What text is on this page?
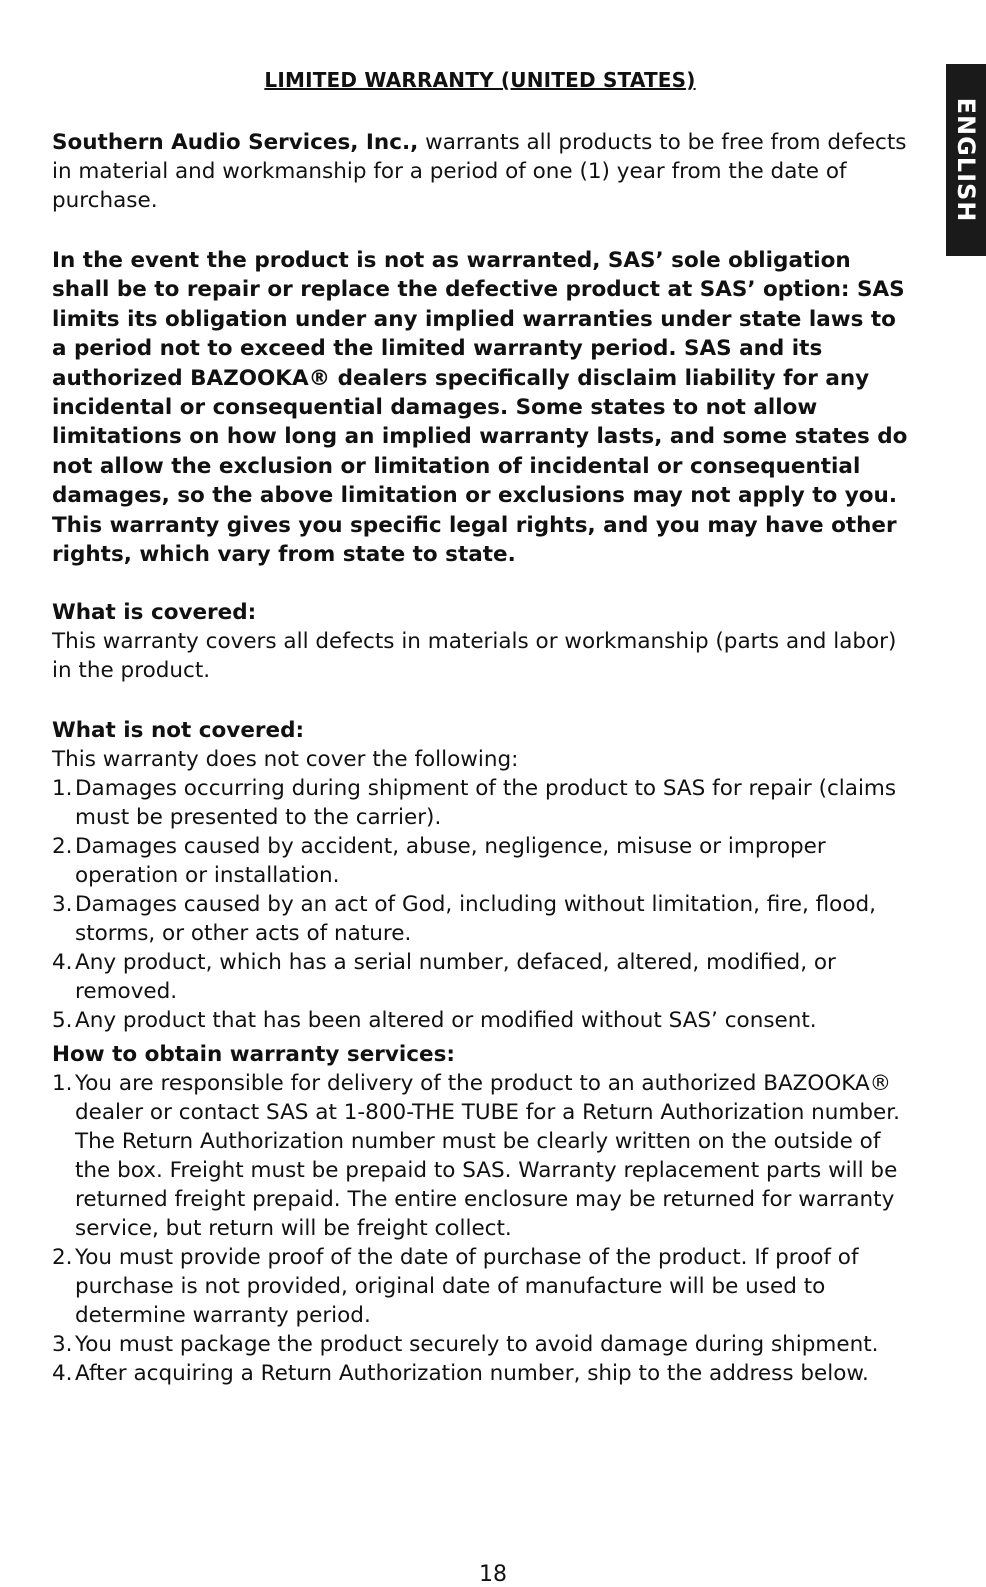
ENGLISH
LIMITED WARRANTY (UNITED STATES)
Southern Audio Services, Inc., warrants all products to be free from defects in material and workmanship for a period of one (1) year from the date of purchase.
In the event the product is not as warranted, SAS’ sole obligation shall be to repair or replace the defective product at SAS’ option: SAS limits its obligation under any implied warranties under state laws to a period not to exceed the limited warranty period. SAS and its authorized BAZOOKA® dealers specifically disclaim liability for any incidental or consequential damages. Some states to not allow limitations on how long an implied warranty lasts, and some states do not allow the exclusion or limitation of incidental or consequential damages, so the above limitation or exclusions may not apply to you. This warranty gives you specific legal rights, and you may have other rights, which vary from state to state.
What is covered:

This warranty covers all defects in materials or workmanship (parts and labor) in the product.

What is not covered:

This warranty does not cover the following:

1. Damages occurring during shipment of the product to SAS for repair (claims must be presented to the carrier).
2. Damages caused by accident, abuse, negligence, misuse or improper operation or installation.
3. Damages caused by an act of God, including without limitation, fire, flood, storms, or other acts of nature.
4. Any product, which has a serial number, defaced, altered, modified, or removed.
5. Any product that has been altered or modified without SAS’ consent.
How to obtain warranty services:
1. You are responsible for delivery of the product to an authorized BAZOOKA® dealer or contact SAS at 1-800-THE TUBE for a Return Authorization number. The Return Authorization number must be clearly written on the outside of the box. Freight must be prepaid to SAS. Warranty replacement parts will be returned freight prepaid. The entire enclosure may be returned for warranty service, but return will be freight collect.
2. You must provide proof of the date of purchase of the product. If proof of purchase is not provided, original date of manufacture will be used to determine warranty period.
3. You must package the product securely to avoid damage during shipment.
4. After acquiring a Return Authorization number, ship to the address below.
18
